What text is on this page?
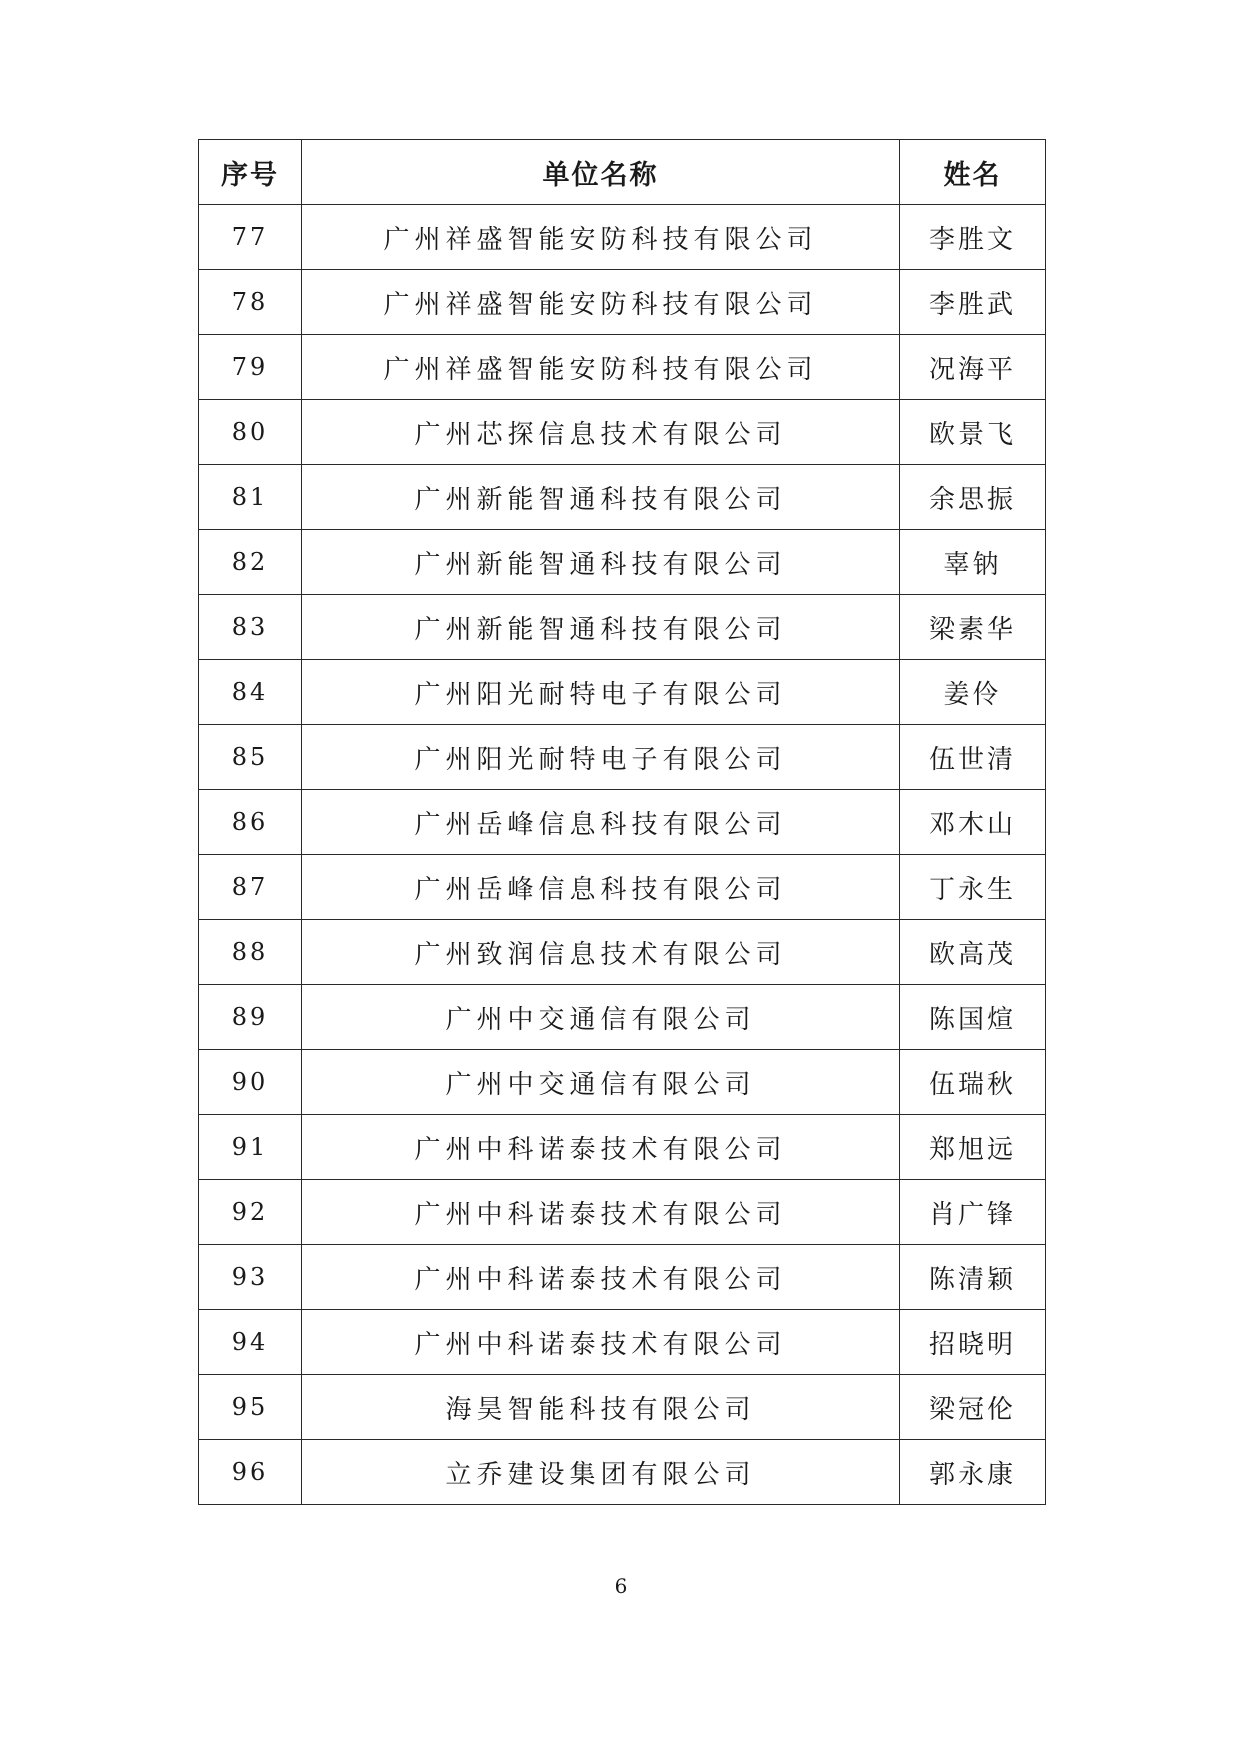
序号	单位名称	姓名
77	广州祥盛智能安防科技有限公司	李胜文
78	广州祥盛智能安防科技有限公司	李胜武
79	广州祥盛智能安防科技有限公司	况海平
80	广州芯探信息技术有限公司	欧景飞
81	广州新能智通科技有限公司	余思振
82	广州新能智通科技有限公司	辜钠
83	广州新能智通科技有限公司	梁素华
84	广州阳光耐特电子有限公司	姜伶
85	广州阳光耐特电子有限公司	伍世清
86	广州岳峰信息科技有限公司	邓木山
87	广州岳峰信息科技有限公司	丁永生
88	广州致润信息技术有限公司	欧高茂
89	广州中交通信有限公司	陈国煊
90	广州中交通信有限公司	伍瑞秋
91	广州中科诺泰技术有限公司	郑旭远
92	广州中科诺泰技术有限公司	肖广锋
93	广州中科诺泰技术有限公司	陈清颖
94	广州中科诺泰技术有限公司	招晓明
95	海昊智能科技有限公司	梁冠伦
96	立乔建设集团有限公司	郭永康
6
